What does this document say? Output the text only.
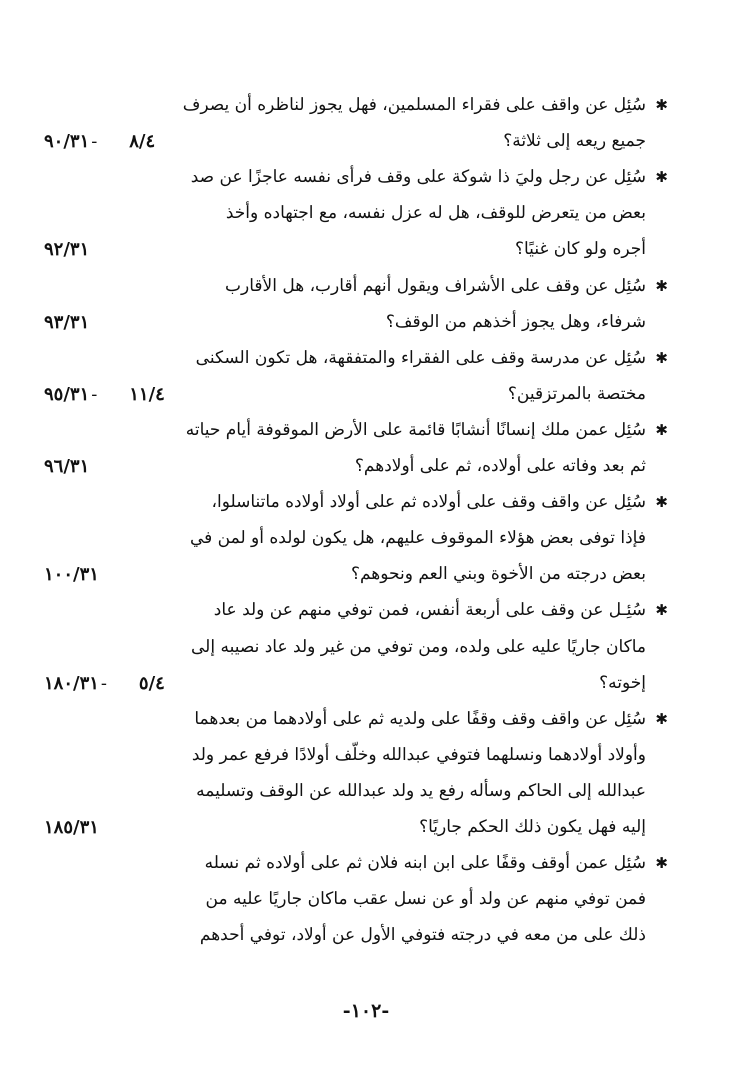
✱
سُئِل عن واقف على فقراء المسلمين، فهل يجوز لناظره أن يصرف
جميع ريعه إلى ثلاثة؟
٩٠/٣١ - ٨/٤
✱
سُئِل عن رجل وليَ ذا شوكة على وقف فرأى نفسه عاجزًا عن صد
بعض من يتعرض للوقف، هل له عزل نفسه، مع اجتهاده وأخذ
أجره ولو كان غنيًا؟
٩٢/٣١
✱
سُئِل عن وقف على الأشراف ويقول أنهم أقارب، هل الأقارب
شرفاء، وهل يجوز أخذهم من الوقف؟
٩٣/٣١
✱
سُئِل عن مدرسة وقف على الفقراء والمتفقهة، هل تكون السكنى
مختصة بالمرتزقين؟
٩٥/٣١ - ١١/٤
✱
سُئِل عمن ملك إنسانًا أنشابًا قائمة على الأرض الموقوفة أيام حياته
ثم بعد وفاته على أولاده، ثم على أولادهم؟
٩٦/٣١
✱
سُئِل عن واقف وقف على أولاده ثم على أولاد أولاده ماتناسلوا،
فإذا توفى بعض هؤلاء الموقوف عليهم، هل يكون لولده أو لمن في
بعض درجته من الأخوة وبني العم ونحوهم؟
١٠٠/٣١
✱
سُئِـل عن وقف على أربعة أنفس، فمن توفي منهم عن ولد عاد
ماكان جاريًا عليه على ولده، ومن توفي من غير ولد عاد نصيبه إلى
إخوته؟
١٨٠/٣١ - ٥/٤
✱
سُئِل عن واقف وقف وقفًا على ولديه ثم على أولادهما من بعدهما
وأولاد أولادهما ونسلهما فتوفي عبدالله وخلّف أولادًا فرفع عمر ولد
عبدالله إلى الحاكم وسأله رفع يد ولد عبدالله عن الوقف وتسليمه
إليه فهل يكون ذلك الحكم جاريًا؟
١٨٥/٣١
✱
سُئِل عمن أوقف وقفًا على ابن ابنه فلان ثم على أولاده ثم نسله
فمن توفي منهم عن ولد أو عن نسل عقب ماكان جاريًا عليه من
ذلك على من معه في درجته فتوفي الأول عن أولاد، توفي أحدهم
-١٠٢-
